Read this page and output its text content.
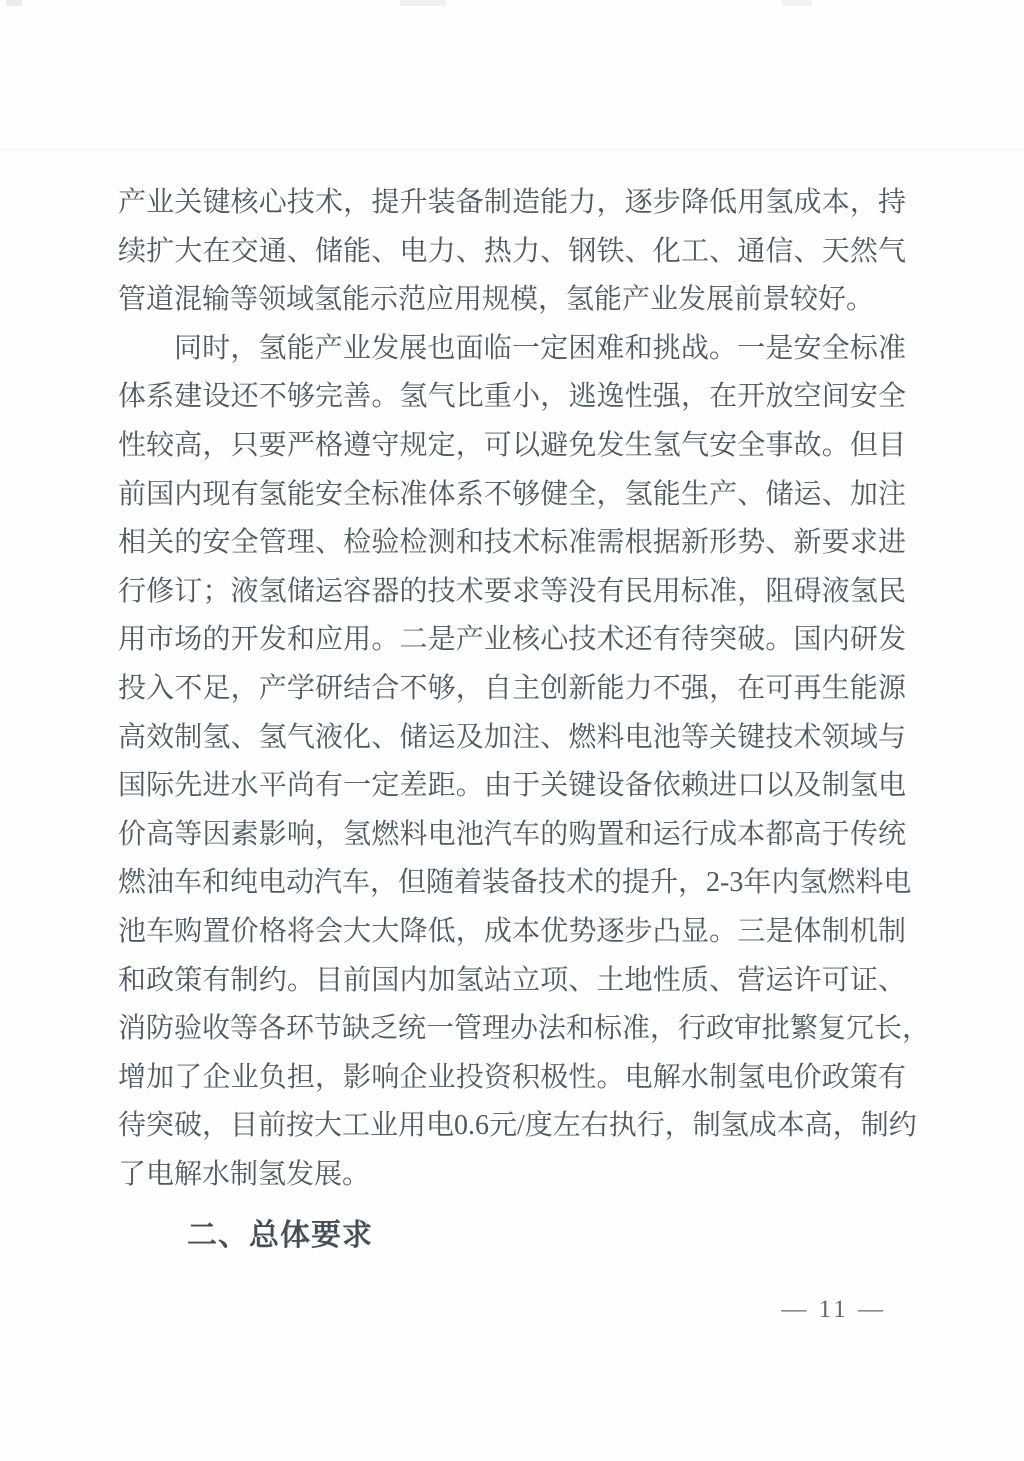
产业关键核心技术，提升装备制造能力，逐步降低用氢成本，持
续扩大在交通、储能、电力、热力、钢铁、化工、通信、天然气
管道混输等领域氢能示范应用规模，氢能产业发展前景较好。
同时，氢能产业发展也面临一定困难和挑战。一是安全标准
体系建设还不够完善。氢气比重小，逃逸性强，在开放空间安全
性较高，只要严格遵守规定，可以避免发生氢气安全事故。但目
前国内现有氢能安全标准体系不够健全，氢能生产、储运、加注
相关的安全管理、检验检测和技术标准需根据新形势、新要求进
行修订；液氢储运容器的技术要求等没有民用标准，阻碍液氢民
用市场的开发和应用。二是产业核心技术还有待突破。国内研发
投入不足，产学研结合不够，自主创新能力不强，在可再生能源
高效制氢、氢气液化、储运及加注、燃料电池等关键技术领域与
国际先进水平尚有一定差距。由于关键设备依赖进口以及制氢电
价高等因素影响，氢燃料电池汽车的购置和运行成本都高于传统
燃油车和纯电动汽车，但随着装备技术的提升，2-3年内氢燃料电
池车购置价格将会大大降低，成本优势逐步凸显。三是体制机制
和政策有制约。目前国内加氢站立项、土地性质、营运许可证、
消防验收等各环节缺乏统一管理办法和标准，行政审批繁复冗长，
增加了企业负担，影响企业投资积极性。电解水制氢电价政策有
待突破，目前按大工业用电0.6元/度左右执行，制氢成本高，制约
了电解水制氢发展。
二、总体要求
— 11 —
